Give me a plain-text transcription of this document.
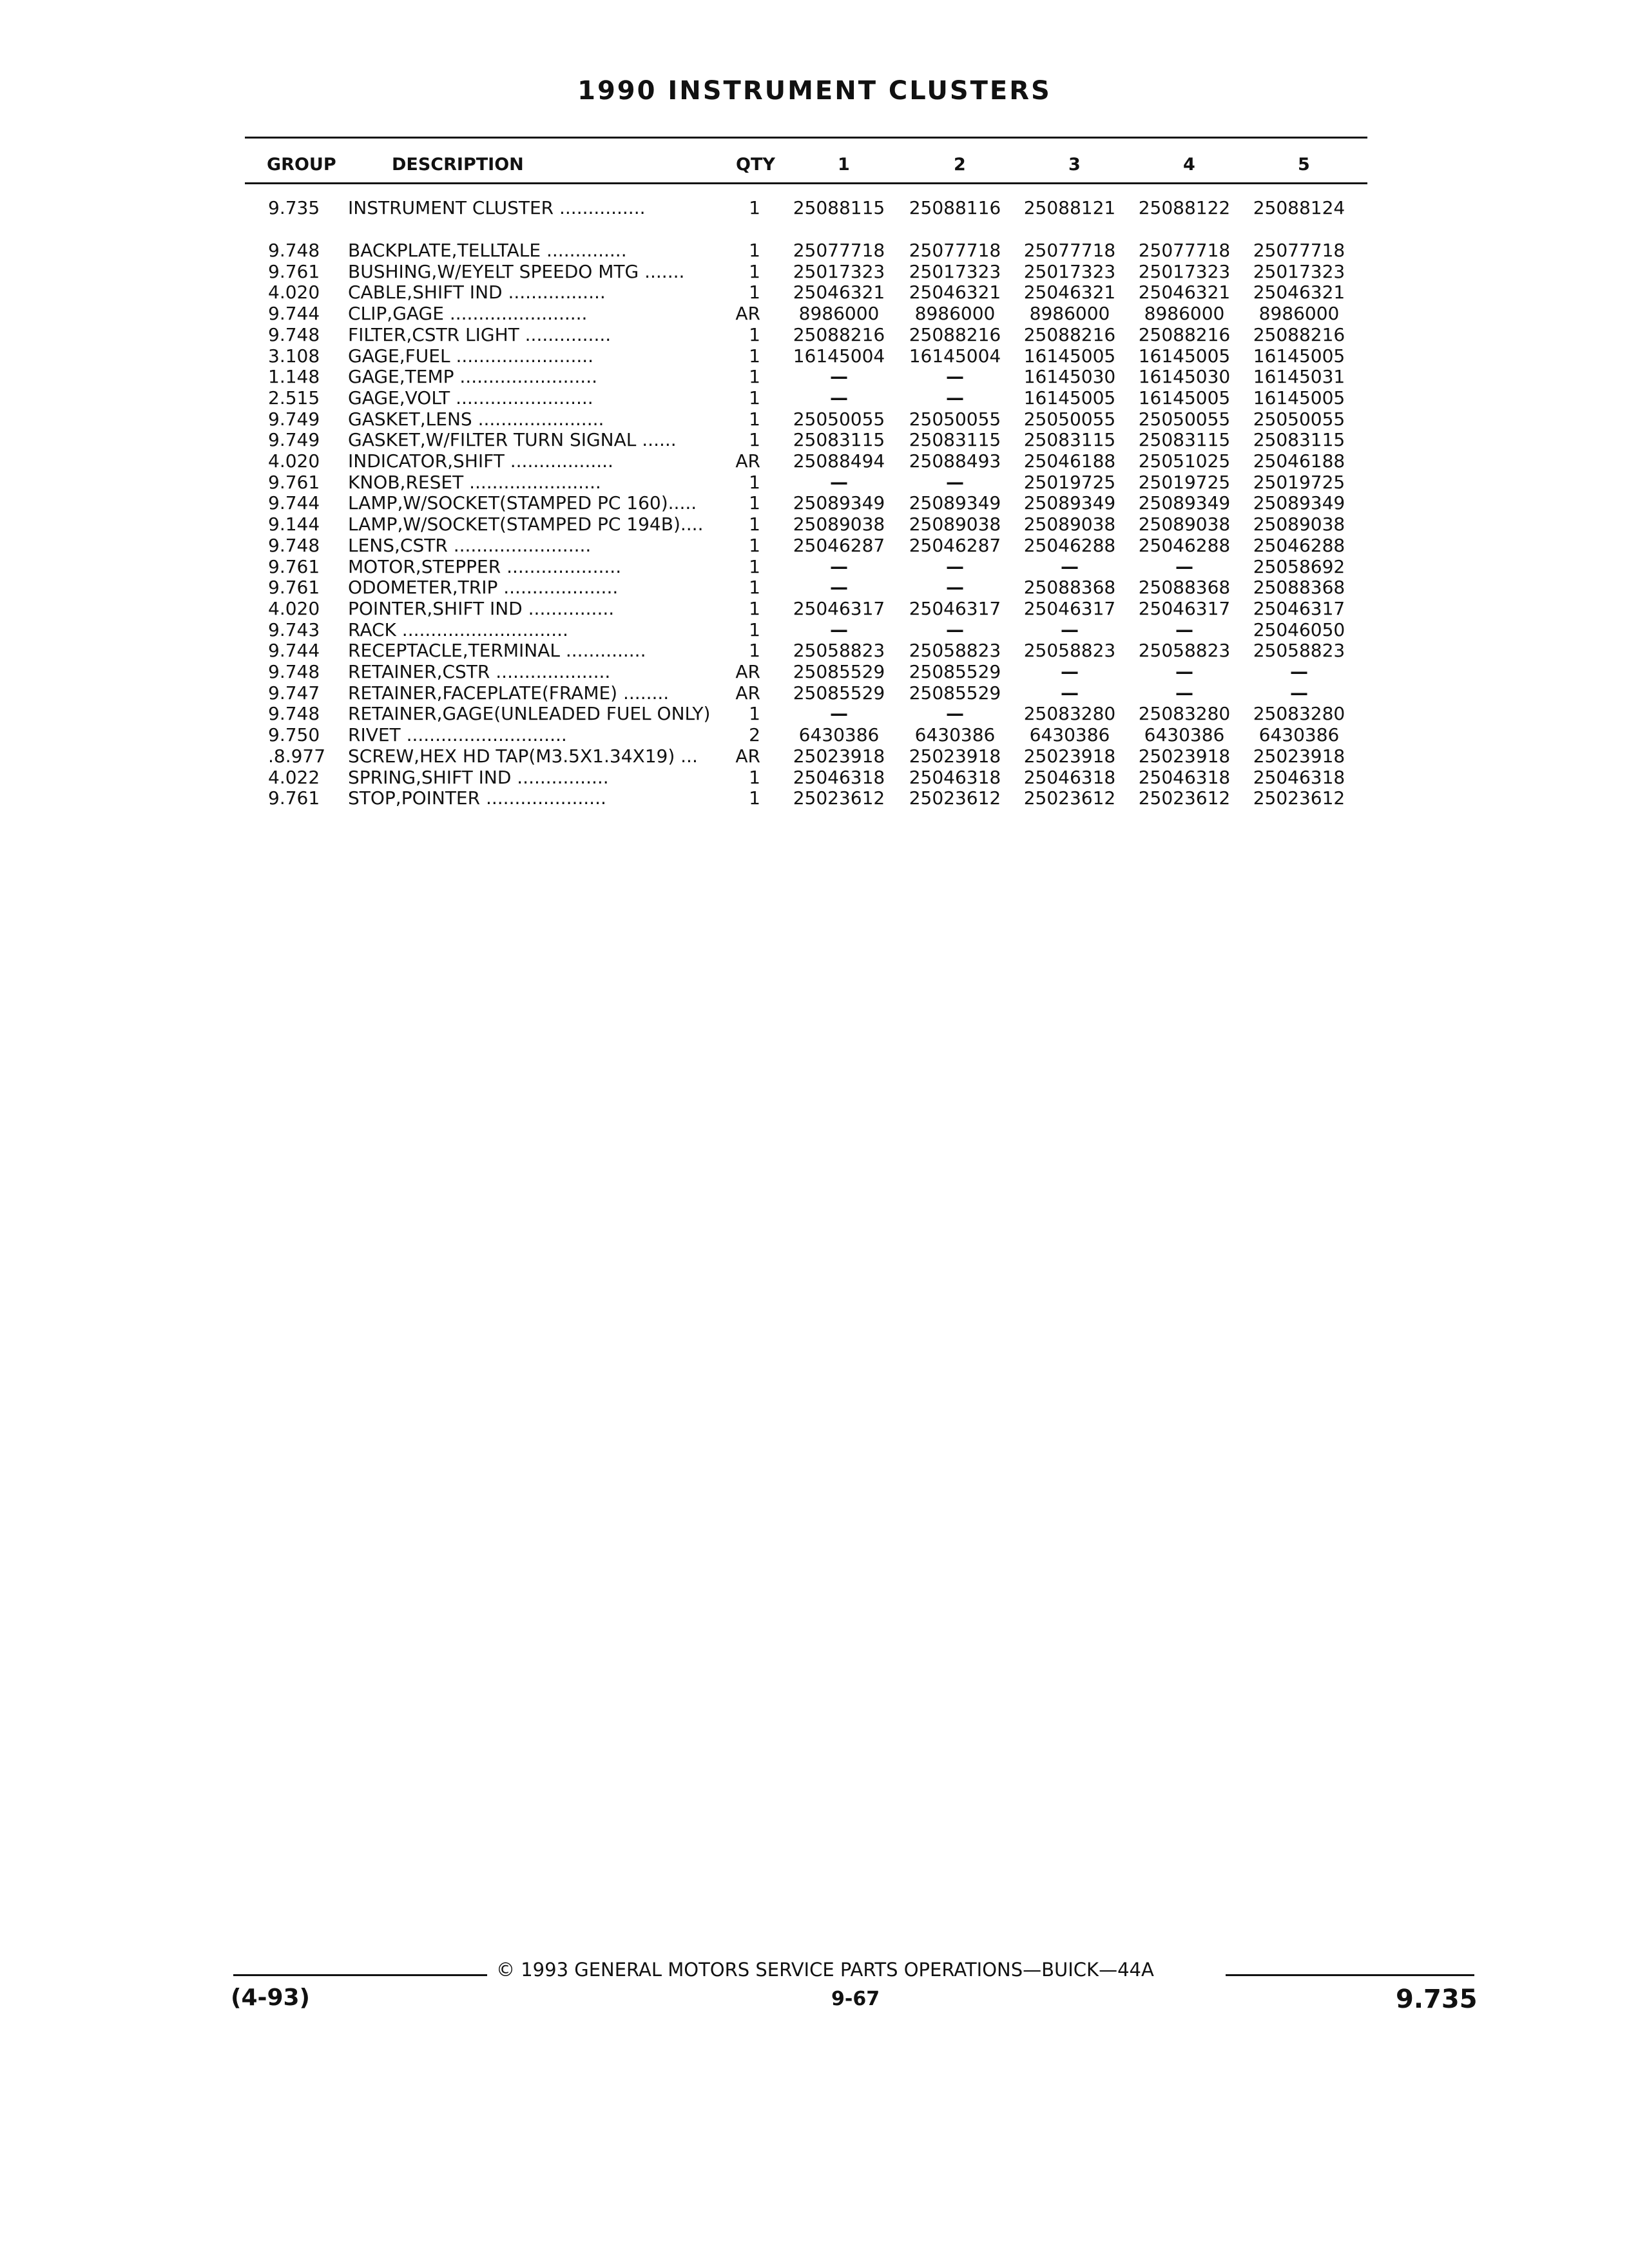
1990 INSTRUMENT CLUSTERS
GROUP	DESCRIPTION	QTY	1	2	3	4	5
9.735 INSTRUMENT CLUSTER ...............	1	25088115	25088116	25088121	25088122	25088124
9.748 BACKPLATE,TELLTALE ..............	1	25077718	25077718	25077718	25077718	25077718
9.761 BUSHING,W/EYELT SPEEDO MTG .......	1	25017323	25017323	25017323	25017323	25017323
4.020 CABLE,SHIFT IND .................	1	25046321	25046321	25046321	25046321	25046321
9.744 CLIP,GAGE ........................	AR	8986000	8986000	8986000	8986000	8986000
9.748 FILTER,CSTR LIGHT ...............	1	25088216	25088216	25088216	25088216	25088216
3.108 GAGE,FUEL ........................	1	16145004	16145004	16145005	16145005	16145005
1.148 GAGE,TEMP ........................	1	—	—	16145030	16145030	16145031
2.515 GAGE,VOLT ........................	1	—	—	16145005	16145005	16145005
9.749 GASKET,LENS ......................	1	25050055	25050055	25050055	25050055	25050055
9.749 GASKET,W/FILTER TURN SIGNAL ......	1	25083115	25083115	25083115	25083115	25083115
4.020 INDICATOR,SHIFT ..................	AR	25088494	25088493	25046188	25051025	25046188
9.761 KNOB,RESET .......................	1	—	—	25019725	25019725	25019725
9.744 LAMP,W/SOCKET(STAMPED PC 160).....	1	25089349	25089349	25089349	25089349	25089349
9.144 LAMP,W/SOCKET(STAMPED PC 194B)....	1	25089038	25089038	25089038	25089038	25089038
9.748 LENS,CSTR ........................	1	25046287	25046287	25046288	25046288	25046288
9.761 MOTOR,STEPPER ....................	1	—	—	—	—	25058692
9.761 ODOMETER,TRIP ....................	1	—	—	25088368	25088368	25088368
4.020 POINTER,SHIFT IND ...............	1	25046317	25046317	25046317	25046317	25046317
9.743 RACK .............................	1	—	—	—	—	25046050
9.744 RECEPTACLE,TERMINAL ..............	1	25058823	25058823	25058823	25058823	25058823
9.748 RETAINER,CSTR ....................	AR	25085529	25085529	—	—	—
9.747 RETAINER,FACEPLATE(FRAME) ........	AR	25085529	25085529	—	—	—
9.748 RETAINER,GAGE(UNLEADED FUEL ONLY)	1	—	—	25083280	25083280	25083280
9.750 RIVET ............................	2	6430386	6430386	6430386	6430386	6430386
.8.977 SCREW,HEX HD TAP(M3.5X1.34X19) ...	AR	25023918	25023918	25023918	25023918	25023918
4.022 SPRING,SHIFT IND ................	1	25046318	25046318	25046318	25046318	25046318
9.761 STOP,POINTER .....................	1	25023612	25023612	25023612	25023612	25023612
© 1993 GENERAL MOTORS SERVICE PARTS OPERATIONS—BUICK—44A
(4-93)	9-67	9.735
